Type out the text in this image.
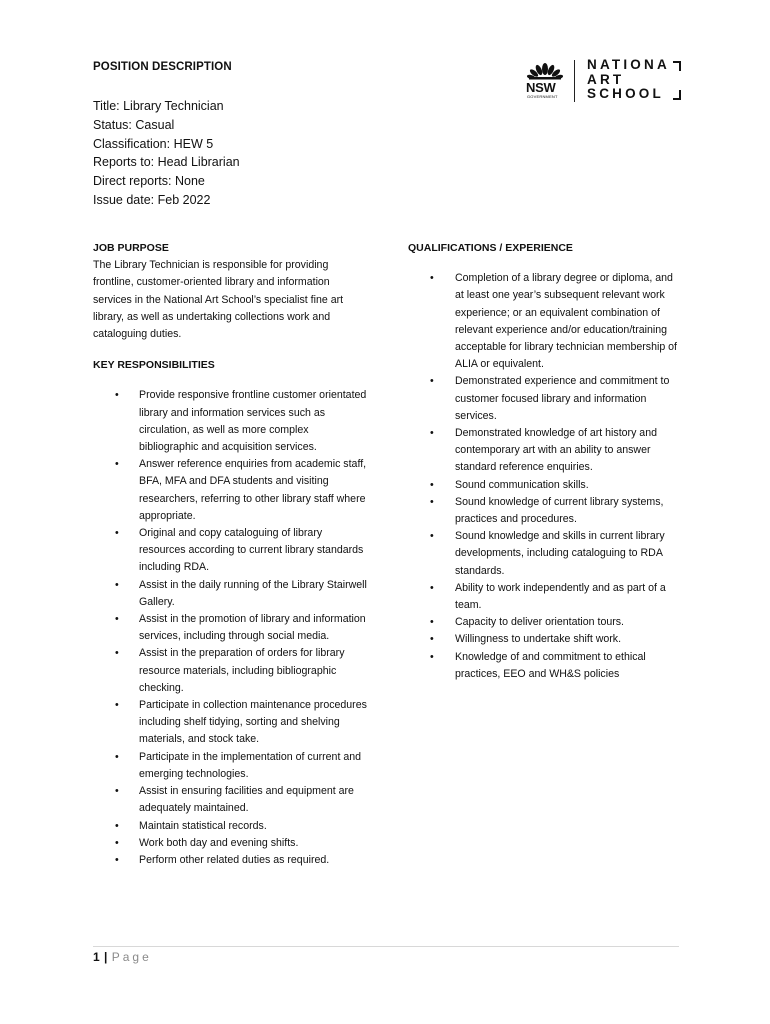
POSITION DESCRIPTION
Title: Library Technician
Status: Casual
Classification: HEW 5
Reports to: Head Librarian
Direct reports: None
Issue date: Feb 2022
NSW
GOVERNMENT
NATIONA
ART
SCHOOL
JOB PURPOSE
The Library Technician is responsible for providing frontline, customer-oriented library and information services in the National Art School’s specialist fine art library, as well as undertaking collections work and cataloguing duties.
KEY RESPONSIBILITIES
• Provide responsive frontline customer orientated library and information services such as circulation, as well as more complex bibliographic and acquisition services.
• Answer reference enquiries from academic staff, BFA, MFA and DFA students and visiting researchers, referring to other library staff where appropriate.
• Original and copy cataloguing of library resources according to current library standards including RDA.
• Assist in the daily running of the Library Stairwell Gallery.
• Assist in the promotion of library and information services, including through social media.
• Assist in the preparation of orders for library resource materials, including bibliographic checking.
• Participate in collection maintenance procedures including shelf tidying, sorting and shelving materials, and stock take.
• Participate in the implementation of current and emerging technologies.
• Assist in ensuring facilities and equipment are adequately maintained.
• Maintain statistical records.
• Work both day and evening shifts.
• Perform other related duties as required.
QUALIFICATIONS / EXPERIENCE
• Completion of a library degree or diploma, and at least one year’s subsequent relevant work experience; or an equivalent combination of relevant experience and/or education/training acceptable for library technician membership of ALIA or equivalent.
• Demonstrated experience and commitment to customer focused library and information services.
• Demonstrated knowledge of art history and contemporary art with an ability to answer standard reference enquiries.
• Sound communication skills.
• Sound knowledge of current library systems, practices and procedures.
• Sound knowledge and skills in current library developments, including cataloguing to RDA standards.
• Ability to work independently and as part of a team.
• Capacity to deliver orientation tours.
• Willingness to undertake shift work.
• Knowledge of and commitment to ethical practices, EEO and WH&S policies
1 | Page
